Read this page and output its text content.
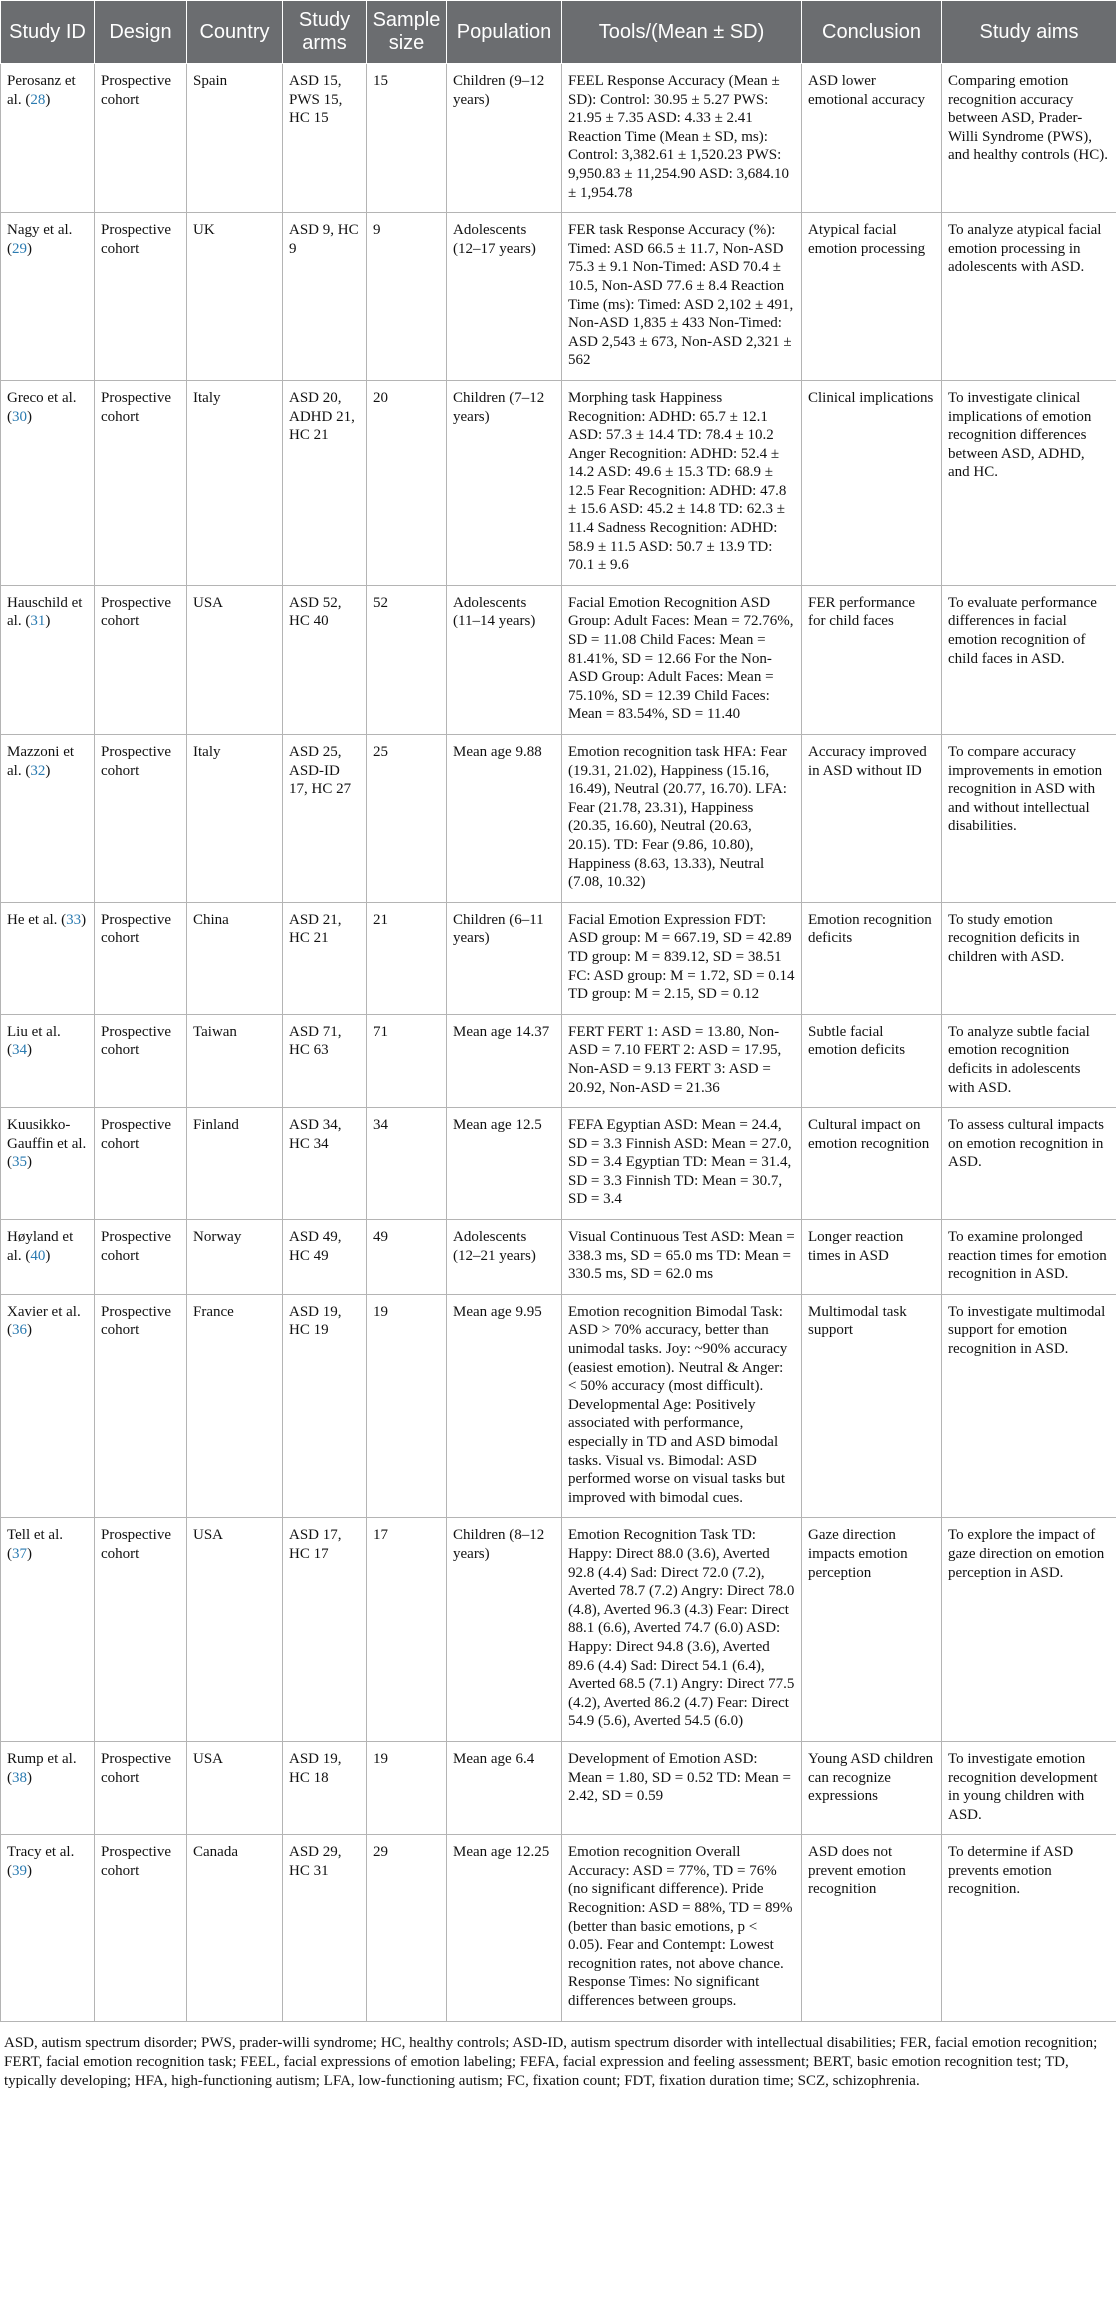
Study ID	Design	Country	Study arms	Sample size	Population	Tools/(Mean ± SD)	Conclusion	Study aims
Perosanz et al. (28)	Prospective cohort	Spain	ASD 15, PWS 15, HC 15	15	Children (9–12 years)	FEEL Response Accuracy (Mean ± SD): Control: 30.95 ± 5.27 PWS: 21.95 ± 7.35 ASD: 4.33 ± 2.41 Reaction Time (Mean ± SD, ms): Control: 3,382.61 ± 1,520.23 PWS: 9,950.83 ± 11,254.90 ASD: 3,684.10 ± 1,954.78	ASD lower emotional accuracy	Comparing emotion recognition accuracy between ASD, Prader-Willi Syndrome (PWS), and healthy controls (HC).
Nagy et al. (29)	Prospective cohort	UK	ASD 9, HC 9	9	Adolescents (12–17 years)	FER task Response Accuracy (%): Timed: ASD 66.5 ± 11.7, Non-ASD 75.3 ± 9.1 Non-Timed: ASD 70.4 ± 10.5, Non-ASD 77.6 ± 8.4 Reaction Time (ms): Timed: ASD 2,102 ± 491, Non-ASD 1,835 ± 433 Non-Timed: ASD 2,543 ± 673, Non-ASD 2,321 ± 562	Atypical facial emotion processing	To analyze atypical facial emotion processing in adolescents with ASD.
Greco et al. (30)	Prospective cohort	Italy	ASD 20, ADHD 21, HC 21	20	Children (7–12 years)	Morphing task Happiness Recognition: ADHD: 65.7 ± 12.1 ASD: 57.3 ± 14.4 TD: 78.4 ± 10.2 Anger Recognition: ADHD: 52.4 ± 14.2 ASD: 49.6 ± 15.3 TD: 68.9 ± 12.5 Fear Recognition: ADHD: 47.8 ± 15.6 ASD: 45.2 ± 14.8 TD: 62.3 ± 11.4 Sadness Recognition: ADHD: 58.9 ± 11.5 ASD: 50.7 ± 13.9 TD: 70.1 ± 9.6	Clinical implications	To investigate clinical implications of emotion recognition differences between ASD, ADHD, and HC.
Hauschild et al. (31)	Prospective cohort	USA	ASD 52, HC 40	52	Adolescents (11–14 years)	Facial Emotion Recognition ASD Group: Adult Faces: Mean = 72.76%, SD = 11.08 Child Faces: Mean = 81.41%, SD = 12.66 For the Non-ASD Group: Adult Faces: Mean = 75.10%, SD = 12.39 Child Faces: Mean = 83.54%, SD = 11.40	FER performance for child faces	To evaluate performance differences in facial emotion recognition of child faces in ASD.
Mazzoni et al. (32)	Prospective cohort	Italy	ASD 25, ASD-ID 17, HC 27	25	Mean age 9.88	Emotion recognition task HFA: Fear (19.31, 21.02), Happiness (15.16, 16.49), Neutral (20.77, 16.70). LFA: Fear (21.78, 23.31), Happiness (20.35, 16.60), Neutral (20.63, 20.15). TD: Fear (9.86, 10.80), Happiness (8.63, 13.33), Neutral (7.08, 10.32)	Accuracy improved in ASD without ID	To compare accuracy improvements in emotion recognition in ASD with and without intellectual disabilities.
He et al. (33)	Prospective cohort	China	ASD 21, HC 21	21	Children (6–11 years)	Facial Emotion Expression FDT: ASD group: M = 667.19, SD = 42.89 TD group: M = 839.12, SD = 38.51 FC: ASD group: M = 1.72, SD = 0.14 TD group: M = 2.15, SD = 0.12	Emotion recognition deficits	To study emotion recognition deficits in children with ASD.
Liu et al. (34)	Prospective cohort	Taiwan	ASD 71, HC 63	71	Mean age 14.37	FERT FERT 1: ASD = 13.80, Non-ASD = 7.10 FERT 2: ASD = 17.95, Non-ASD = 9.13 FERT 3: ASD = 20.92, Non-ASD = 21.36	Subtle facial emotion deficits	To analyze subtle facial emotion recognition deficits in adolescents with ASD.
Kuusikko-Gauffin et al. (35)	Prospective cohort	Finland	ASD 34, HC 34	34	Mean age 12.5	FEFA Egyptian ASD: Mean = 24.4, SD = 3.3 Finnish ASD: Mean = 27.0, SD = 3.4 Egyptian TD: Mean = 31.4, SD = 3.3 Finnish TD: Mean = 30.7, SD = 3.4	Cultural impact on emotion recognition	To assess cultural impacts on emotion recognition in ASD.
Høyland et al. (40)	Prospective cohort	Norway	ASD 49, HC 49	49	Adolescents (12–21 years)	Visual Continuous Test ASD: Mean = 338.3 ms, SD = 65.0 ms TD: Mean = 330.5 ms, SD = 62.0 ms	Longer reaction times in ASD	To examine prolonged reaction times for emotion recognition in ASD.
Xavier et al. (36)	Prospective cohort	France	ASD 19, HC 19	19	Mean age 9.95	Emotion recognition Bimodal Task: ASD > 70% accuracy, better than unimodal tasks. Joy: ~90% accuracy (easiest emotion). Neutral & Anger: < 50% accuracy (most difficult). Developmental Age: Positively associated with performance, especially in TD and ASD bimodal tasks. Visual vs. Bimodal: ASD performed worse on visual tasks but improved with bimodal cues.	Multimodal task support	To investigate multimodal support for emotion recognition in ASD.
Tell et al. (37)	Prospective cohort	USA	ASD 17, HC 17	17	Children (8–12 years)	Emotion Recognition Task TD: Happy: Direct 88.0 (3.6), Averted 92.8 (4.4) Sad: Direct 72.0 (7.2), Averted 78.7 (7.2) Angry: Direct 78.0 (4.8), Averted 96.3 (4.3) Fear: Direct 88.1 (6.6), Averted 74.7 (6.0) ASD: Happy: Direct 94.8 (3.6), Averted 89.6 (4.4) Sad: Direct 54.1 (6.4), Averted 68.5 (7.1) Angry: Direct 77.5 (4.2), Averted 86.2 (4.7) Fear: Direct 54.9 (5.6), Averted 54.5 (6.0)	Gaze direction impacts emotion perception	To explore the impact of gaze direction on emotion perception in ASD.
Rump et al. (38)	Prospective cohort	USA	ASD 19, HC 18	19	Mean age 6.4	Development of Emotion ASD: Mean = 1.80, SD = 0.52 TD: Mean = 2.42, SD = 0.59	Young ASD children can recognize expressions	To investigate emotion recognition development in young children with ASD.
Tracy et al. (39)	Prospective cohort	Canada	ASD 29, HC 31	29	Mean age 12.25	Emotion recognition Overall Accuracy: ASD = 77%, TD = 76% (no significant difference). Pride Recognition: ASD = 88%, TD = 89% (better than basic emotions, p < 0.05). Fear and Contempt: Lowest recognition rates, not above chance. Response Times: No significant differences between groups.	ASD does not prevent emotion recognition	To determine if ASD prevents emotion recognition.
ASD, autism spectrum disorder; PWS, prader-willi syndrome; HC, healthy controls; ASD-ID, autism spectrum disorder with intellectual disabilities; FER, facial emotion recognition; FERT, facial emotion recognition task; FEEL, facial expressions of emotion labeling; FEFA, facial expression and feeling assessment; BERT, basic emotion recognition test; TD, typically developing; HFA, high-functioning autism; LFA, low-functioning autism; FC, fixation count; FDT, fixation duration time; SCZ, schizophrenia.
